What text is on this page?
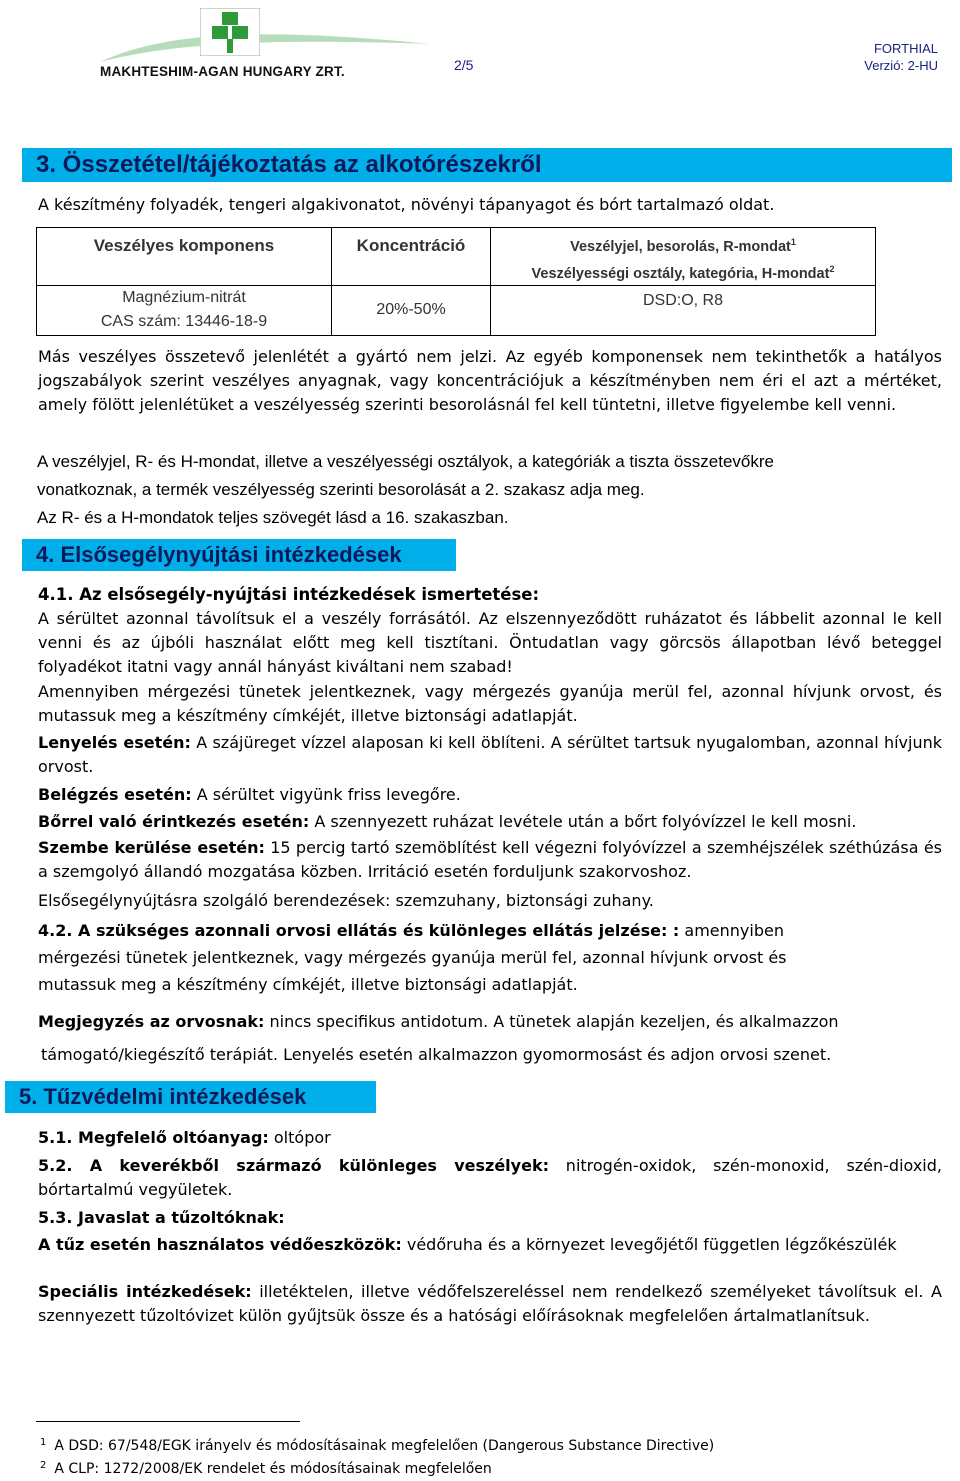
MAKHTESHIM-AGAN HUNGARY ZRT.	2/5
FORTHIAL
Verzió: 2-HU
3. Összetétel/tájékoztatás az alkotórészekről
A készítmény folyadék, tengeri algakivonatot, növényi tápanyagot és bórt tartalmazó oldat.
Veszélyes komponens	Koncentráció	Veszélyjel, besorolás, R-mondat$^1$
Veszélyességi osztály, kategória, H-mondat$^2$

Magnézium-nitrát
CAS szám: 13446-18-9	20%-50%	DSD:O, R8
Más veszélyes összetevő jelenlétét a gyártó nem jelzi. Az egyéb komponensek nem tekinthetők a hatályos jogszabályok szerint veszélyes anyagnak, vagy koncentrációjuk a készítményben nem éri el azt a mértéket, amely fölött jelenlétüket a veszélyesség szerinti besorolásnál fel kell tüntetni, illetve figyelembe kell venni.
A veszélyjel, R- és H-mondat, illetve a veszélyességi osztályok, a kategóriák a tiszta összetevőkre
vonatkoznak, a termék veszélyesség szerinti besorolását a 2. szakasz adja meg.
Az R- és a H-mondatok teljes szövegét lásd a 16. szakaszban.
4. Elsősegélynyújtási intézkedések
4.1. Az elsősegély-nyújtási intézkedések ismertetése:
A sérültet azonnal távolítsuk el a veszély forrásától. Az elszennyeződött ruházatot és lábbelit azonnal le kell venni és az újbóli használat előtt meg kell tisztítani. Öntudatlan vagy görcsös állapotban lévő beteggel folyadékot itatni vagy annál hányást kiváltani nem szabad!
Amennyiben mérgezési tünetek jelentkeznek, vagy mérgezés gyanúja merül fel, azonnal hívjunk orvost, és mutassuk meg a készítmény címkéjét, illetve biztonsági adatlapját.
Lenyelés esetén: A szájüreget vízzel alaposan ki kell öblíteni. A sérültet tartsuk nyugalomban, azonnal hívjunk orvost.
Belégzés esetén: A sérültet vigyünk friss levegőre.
Bőrrel való érintkezés esetén: A szennyezett ruházat levétele után a bőrt folyóvízzel le kell mosni.
Szembe kerülése esetén: 15 percig tartó szemöblítést kell végezni folyóvízzel a szemhéjszélek széthúzása és a szemgolyó állandó mozgatása közben. Irritáció esetén forduljunk szakorvoshoz.
Elsősegélynyújtásra szolgáló berendezések: szemzuhany, biztonsági zuhany.
4.2. A szükséges azonnali orvosi ellátás és különleges ellátás jelzése: : amennyiben
mérgezési tünetek jelentkeznek, vagy mérgezés gyanúja merül fel, azonnal hívjunk orvost és
mutassuk meg a készítmény címkéjét, illetve biztonsági adatlapját.
Megjegyzés az orvosnak: nincs specifikus antidotum. A tünetek alapján kezeljen, és alkalmazzon
támogató/kiegészítő terápiát. Lenyelés esetén alkalmazzon gyomormosást és adjon orvosi szenet.
5. Tűzvédelmi intézkedések
5.1. Megfelelő oltóanyag: oltópor
5.2. A keverékből származó különleges veszélyek: nitrogén-oxidok, szén-monoxid, szén-dioxid, bórtartalmú vegyületek.
5.3. Javaslat a tűzoltóknak:
A tűz esetén használatos védőeszközök: védőruha és a környezet levegőjétől független légzőkészülék
Speciális intézkedések: illetéktelen, illetve védőfelszereléssel nem rendelkező személyeket távolítsuk el. A szennyezett tűzoltóvizet külön gyűjtsük össze és a hatósági előírásoknak megfelelően ártalmatlanítsuk.
$^1$ A DSD: 67/548/EGK irányelv és módosításainak megfelelően (Dangerous Substance Directive)
$^2$ A CLP: 1272/2008/EK rendelet és módosításainak megfelelően
